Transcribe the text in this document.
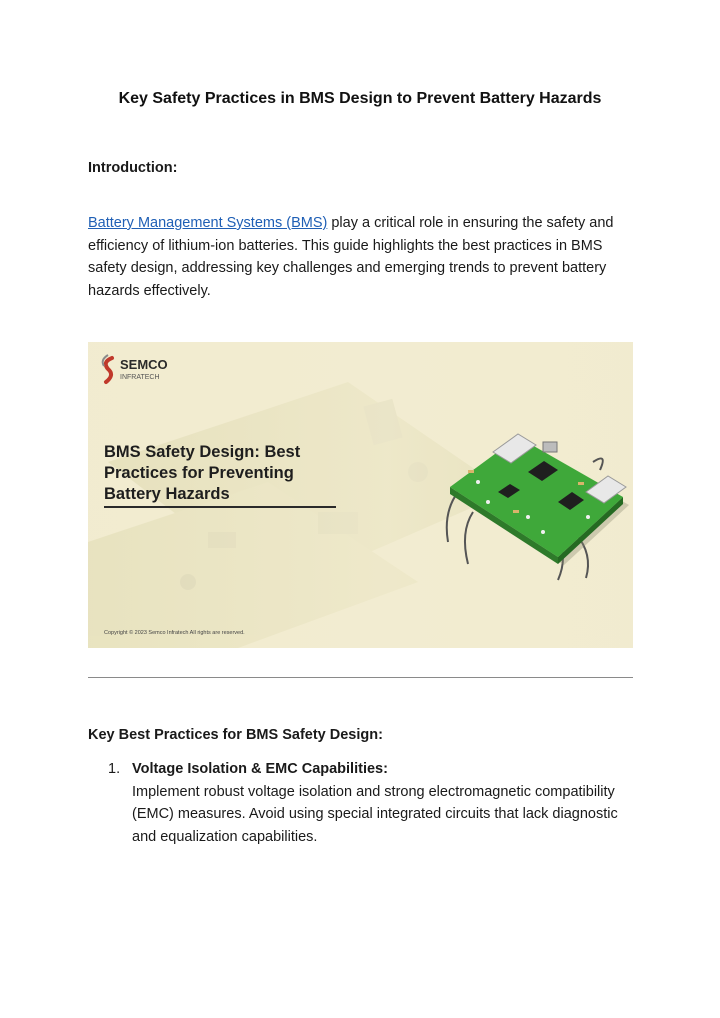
Key Safety Practices in BMS Design to Prevent Battery Hazards
Introduction:

Battery Management Systems (BMS) play a critical role in ensuring the safety and efficiency of lithium-ion batteries. This guide highlights the best practices in BMS safety design, addressing key challenges and emerging trends to prevent battery hazards effectively.

SEMCO
INFRATECH
BMS Safety Design: Best
Practices for Preventing
Battery Hazards
Copyright © 2023 Semco Infratech All rights are reserved.
Key Best Practices for BMS Safety Design:
1. Voltage Isolation & EMC Capabilities:
Implement robust voltage isolation and strong electromagnetic compatibility (EMC) measures. Avoid using special integrated circuits that lack diagnostic and equalization capabilities.
